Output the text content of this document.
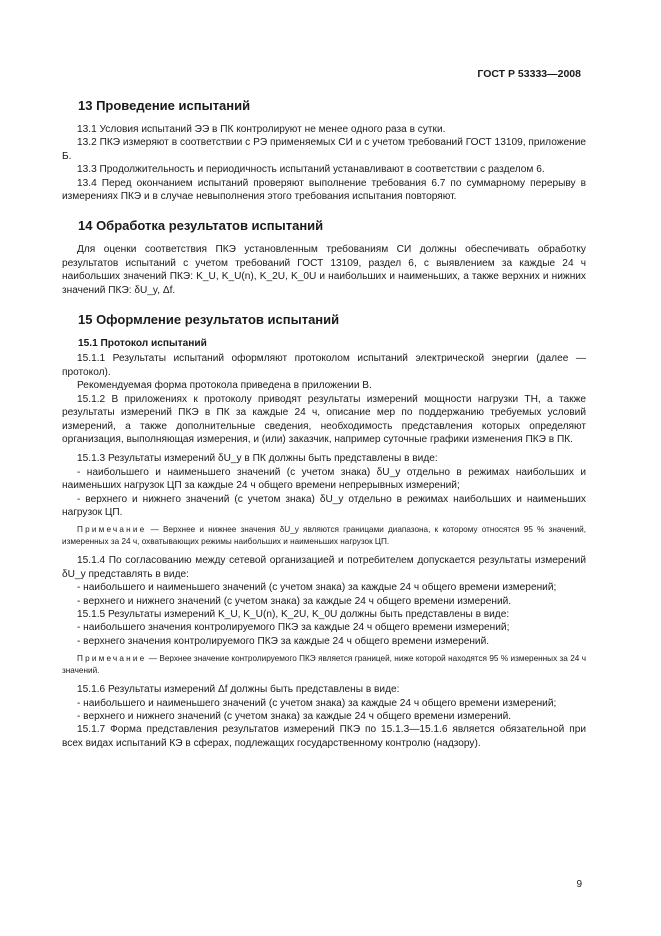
ГОСТ Р 53333—2008
13 Проведение испытаний

13.1 Условия испытаний ЭЭ в ПК контролируют не менее одного раза в сутки.

13.2 ПКЭ измеряют в соответствии с РЭ применяемых СИ и с учетом требований ГОСТ 13109, приложение Б.

13.3 Продолжительность и периодичность испытаний устанавливают в соответствии с разделом 6.

13.4 Перед окончанием испытаний проверяют выполнение требования 6.7 по суммарному перерыву в измерениях ПКЭ и в случае невыполнения этого требования испытания повторяют.

14 Обработка результатов испытаний

Для оценки соответствия ПКЭ установленным требованиям СИ должны обеспечивать обработку результатов испытаний с учетом требований ГОСТ 13109, раздел 6, с выявлением за каждые 24 ч наибольших значений ПКЭ: K_U, K_U(n), K_2U, K_0U и наибольших и наименьших, а также верхних и нижних значений ПКЭ: δU_y, Δf.

15 Оформление результатов испытаний
15.1 Протокол испытаний

15.1.1 Результаты испытаний оформляют протоколом испытаний электрической энергии (далее — протокол).

Рекомендуемая форма протокола приведена в приложении В.

15.1.2 В приложениях к протоколу приводят результаты измерений мощности нагрузки ТН, а также результаты измерений ПКЭ в ПК за каждые 24 ч, описание мер по поддержанию требуемых условий измерений, а также дополнительные сведения, необходимость представления которых определяют организация, выполняющая измерения, и (или) заказчик, например суточные графики изменения ПКЭ в ПК.

15.1.3 Результаты измерений δU_y в ПК должны быть представлены в виде:

- наибольшего и наименьшего значений (с учетом знака) δU_y отдельно в режимах наибольших и наименьших нагрузок ЦП за каждые 24 ч общего времени непрерывных измерений;

- верхнего и нижнего значений (с учетом знака) δU_y отдельно в режимах наибольших и наименьших нагрузок ЦП.

Примечание — Верхнее и нижнее значения δU_y являются границами диапазона, к которому относятся 95 % значений, измеренных за 24 ч, охватывающих режимы наибольших и наименьших нагрузок ЦП.

15.1.4 По согласованию между сетевой организацией и потребителем допускается результаты измерений δU_y представлять в виде:

- наибольшего и наименьшего значений (с учетом знака) за каждые 24 ч общего времени измерений;

- верхнего и нижнего значений (с учетом знака) за каждые 24 ч общего времени измерений.

15.1.5 Результаты измерений K_U, K_U(n), K_2U, K_0U должны быть представлены в виде:

- наибольшего значения контролируемого ПКЭ за каждые 24 ч общего времени измерений;

- верхнего значения контролируемого ПКЭ за каждые 24 ч общего времени измерений.

Примечание — Верхнее значение контролируемого ПКЭ является границей, ниже которой находятся 95 % измеренных за 24 ч значений.

15.1.6 Результаты измерений Δf должны быть представлены в виде:

- наибольшего и наименьшего значений (с учетом знака) за каждые 24 ч общего времени измерений;

- верхнего и нижнего значений (с учетом знака) за каждые 24 ч общего времени измерений.

15.1.7 Форма представления результатов измерений ПКЭ по 15.1.3—15.1.6 является обязательной при всех видах испытаний КЭ в сферах, подлежащих государственному контролю (надзору).

9
